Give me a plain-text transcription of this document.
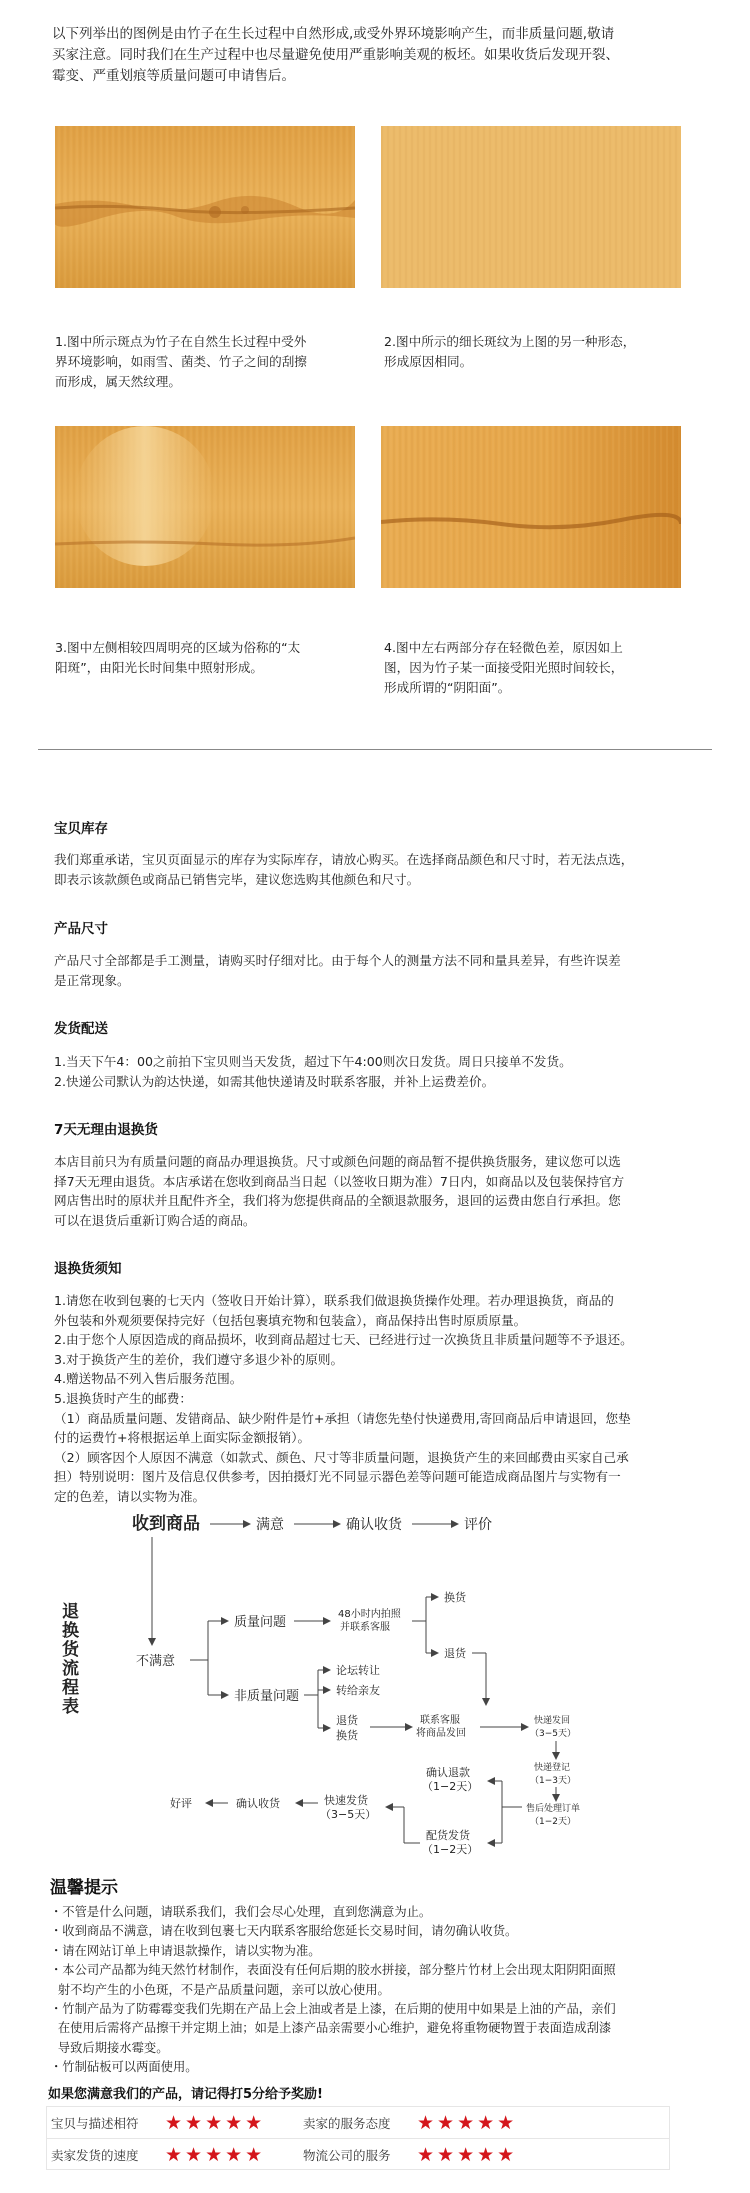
以下列举出的图例是由竹子在生长过程中自然形成,或受外界环境影响产生，而非质量问题,敬请
买家注意。同时我们在生产过程中也尽量避免使用严重影响美观的板坯。如果收货后发现开裂、
霉变、严重划痕等质量问题可申请售后。
1.图中所示斑点为竹子在自然生长过程中受外
界环境影响，如雨雪、菌类、竹子之间的刮擦
而形成，属天然纹理。
2.图中所示的细长斑纹为上图的另一种形态，
形成原因相同。
3.图中左侧相较四周明亮的区域为俗称的“太
阳斑”，由阳光长时间集中照射形成。
4.图中左右两部分存在轻微色差，原因如上
图，因为竹子某一面接受阳光照时间较长，
形成所谓的“阴阳面”。
宝贝库存
我们郑重承诺，宝贝页面显示的库存为实际库存，请放心购买。在选择商品颜色和尺寸时，若无法点选，
即表示该款颜色或商品已销售完毕，建议您选购其他颜色和尺寸。
产品尺寸
产品尺寸全部都是手工测量，请购买时仔细对比。由于每个人的测量方法不同和量具差异，有些许误差
是正常现象。
发货配送
1.当天下午4：00之前拍下宝贝则当天发货，超过下午4:00则次日发货。周日只接单不发货。
2.快递公司默认为韵达快递，如需其他快递请及时联系客服，并补上运费差价。
7天无理由退换货
本店目前只为有质量问题的商品办理退换货。尺寸或颜色问题的商品暂不提供换货服务，建议您可以选
择7天无理由退货。本店承诺在您收到商品当日起（以签收日期为准）7日内，如商品以及包装保持官方
网店售出时的原状并且配件齐全，我们将为您提供商品的全额退款服务，退回的运费由您自行承担。您
可以在退货后重新订购合适的商品。
退换货须知
1.请您在收到包裹的七天内（签收日开始计算），联系我们做退换货操作处理。若办理退换货，商品的
外包装和外观须要保持完好（包括包裹填充物和包装盒），商品保持出售时原质原量。
2.由于您个人原因造成的商品损坏，收到商品超过七天、已经进行过一次换货且非质量问题等不予退还。
3.对于换货产生的差价，我们遵守多退少补的原则。
4.赠送物品不列入售后服务范围。
5.退换货时产生的邮费：
（1）商品质量问题、发错商品、缺少附件是竹+承担（请您先垫付快递费用,寄回商品后申请退回，您垫
付的运费竹+将根据运单上面实际金额报销）。
（2）顾客因个人原因不满意（如款式、颜色、尺寸等非质量问题，退换货产生的来回邮费由买家自己承
担）特别说明：图片及信息仅供参考，因拍摄灯光不同显示器色差等问题可能造成商品图片与实物有一
定的色差，请以实物为准。
退
换
货
流
程
表
收到商品	满意	确认收货	评价
不满意
质量问题
非质量问题
48小时内拍照
并联系客服
换货
退货
论坛转让
转给亲友
退货
换货
联系客服
将商品发回
快递发回
（3−5天）
快递登记
（1−3天）
售后处理订单
（1−2天）
确认退款
（1−2天）
配货发货
（1−2天）
快速发货
（3−5天）
确认收货
好评
温馨提示
・不管是什么问题，请联系我们，我们会尽心处理，直到您满意为止。
・收到商品不满意，请在收到包裹七天内联系客服给您延长交易时间，请勿确认收货。
・请在网站订单上申请退款操作，请以实物为准。
・本公司产品都为纯天然竹材制作，表面没有任何后期的胶水拼接，部分整片竹材上会出现太阳阴阳面照
射不均产生的小色斑，不是产品质量问题，亲可以放心使用。
・竹制产品为了防霉霉变我们先期在产品上会上油或者是上漆，在后期的使用中如果是上油的产品，亲们
在使用后需将产品擦干并定期上油；如是上漆产品亲需要小心维护，避免将重物硬物置于表面造成刮漆
导致后期接水霉变。
・竹制砧板可以两面使用。
如果您满意我们的产品，请记得打5分给予奖励!
宝贝与描述相符	★★★★★	卖家的服务态度	★★★★★
卖家发货的速度	★★★★★	物流公司的服务	★★★★★
